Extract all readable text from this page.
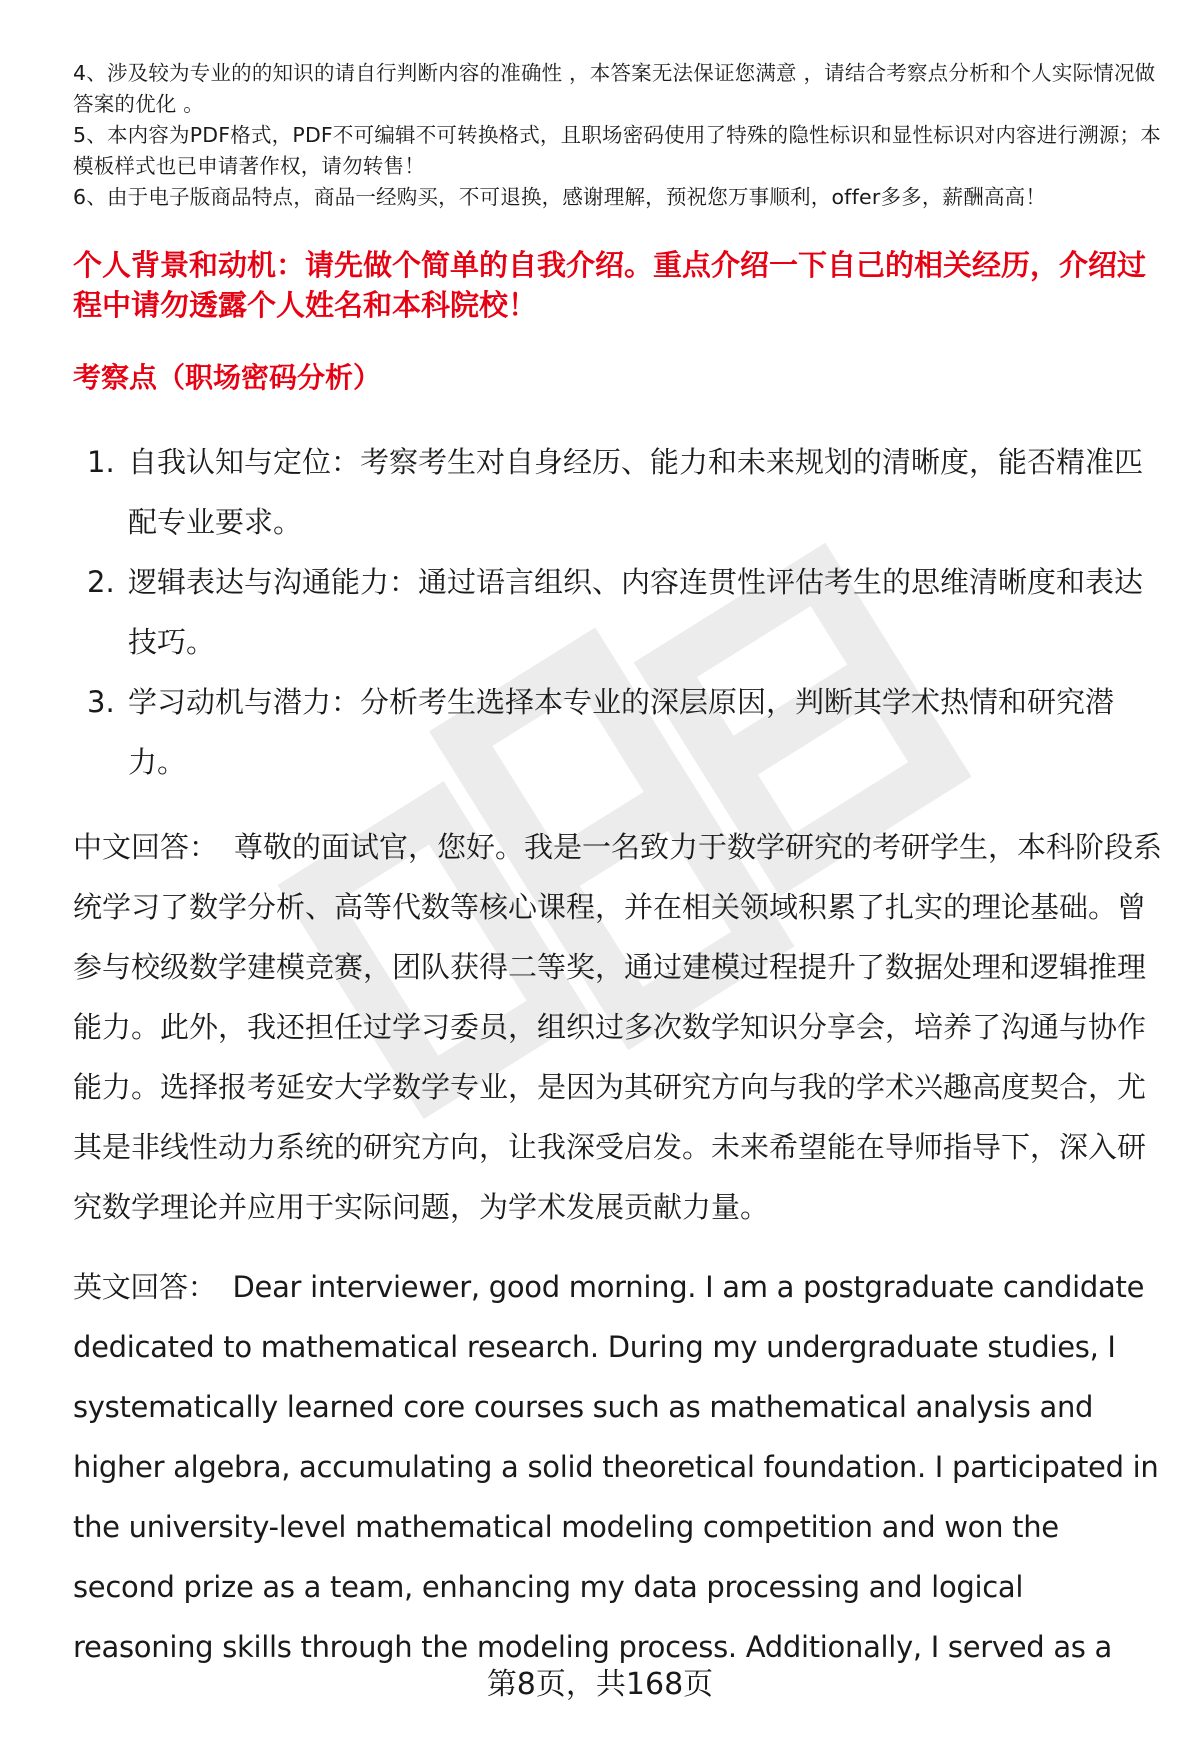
4、涉及较为专业的的知识的请自行判断内容的准确性 ，本答案无法保证您满意 ，请结合考察点分析和个人实际情况做答案的优化 。

5、本内容为PDF格式，PDF不可编辑不可转换格式，且职场密码使用了特殊的隐性标识和显性标识对内容进行溯源；本模板样式也已申请著作权，请勿转售！

6、由于电子版商品特点，商品一经购买，不可退换，感谢理解，预祝您万事顺利，offer多多，薪酬高高！

个人背景和动机：请先做个简单的自我介绍。重点介绍一下自己的相关经历，介绍过程中请勿透露个人姓名和本科院校！
考察点（职场密码分析）
1. 自我认知与定位：考察考生对自身经历、能力和未来规划的清晰度，能否精准匹配专业要求。
2. 逻辑表达与沟通能力：通过语言组织、内容连贯性评估考生的思维清晰度和表达技巧。
3. 学习动机与潜力：分析考生选择本专业的深层原因，判断其学术热情和研究潜力。
中文回答： 尊敬的面试官，您好。我是一名致力于数学研究的考研学生，本科阶段系统学习了数学分析、高等代数等核心课程，并在相关领域积累了扎实的理论基础。曾参与校级数学建模竞赛，团队获得二等奖，通过建模过程提升了数据处理和逻辑推理能力。此外，我还担任过学习委员，组织过多次数学知识分享会，培养了沟通与协作能力。选择报考延安大学数学专业，是因为其研究方向与我的学术兴趣高度契合，尤其是非线性动力系统的研究方向，让我深受启发。未来希望能在导师指导下，深入研究数学理论并应用于实际问题，为学术发展贡献力量。
英文回答： Dear interviewer, good morning. I am a postgraduate candidate dedicated to mathematical research. During my undergraduate studies, I systematically learned core courses such as mathematical analysis and higher algebra, accumulating a solid theoretical foundation. I participated in the university-level mathematical modeling competition and won the second prize as a team, enhancing my data processing and logical reasoning skills through the modeling process. Additionally, I served as a
第8页，共168页
